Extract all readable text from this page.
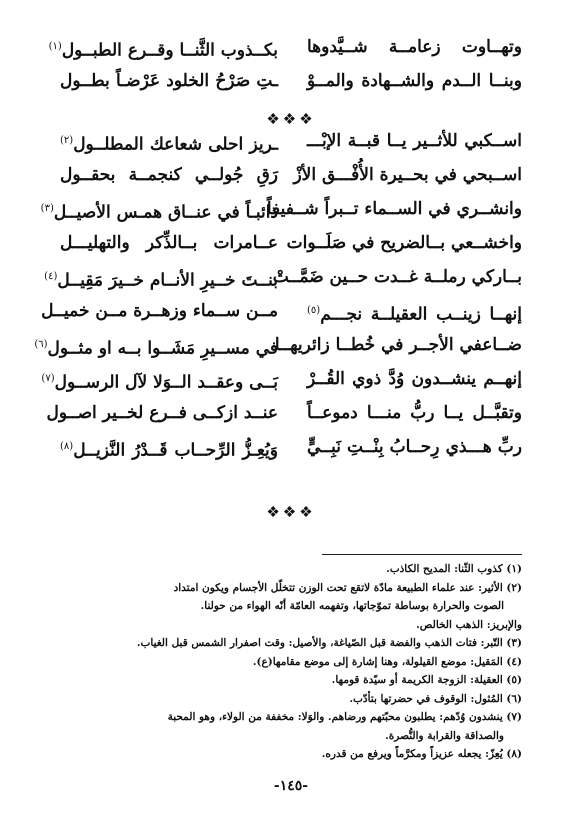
وتهــاوت زعامــة شــيَّدوها
بكــذوب الثَّنــا وقــرع الطبــول$^{(١)}$
وبنــا الــدم والشــهادة والمــوْ
ـتِ صَرْحُ الخلود عَرْضـاً بطــول
❖❖❖
اســكبي للأثــير يــا قبــة الإبْـــ
ـريز احلى شعاعك المطلــول$^{(٢)}$
اســبحي في بحــيرة الأُفْـــق الأزْ
رَقِ جُولــي كنجمــة بحقــول
وانشــري في الســماء تــبراً شــفيفاً
ذائبـاً في عنــاق همـس الأصيــل$^{(٣)}$
واخشــعي بــالضريح في صَلَــوات
عــامرات بــالذِّكر والتهليـــل
بــاركي رملــة غــدت حــين ضَمَّــتْ
بنــتَ خــيرِ الأنــام خــيرَ مَقِيــل$^{(٤)}$
إنهــا زينــب العقيلــة نجـــم$^{(٥)}$
مــن ســماء وزهــرة مــن خميــل
ضــاعفي الأجــر في خُطــا زائريهــا
في مســيرِ مَشَــوا بــه او مثــول$^{(٦)}$
إنهــم ينشــدون وُدَّ ذوي القُــرْ
بَــى وعقــد الــوَلا لآل الرســول$^{(٧)}$
وتقبَّــل يــا ربُّ منـــا دموعــاً
عنــد ازكــى فــرع لخــير اصــول
ربِّ هـــذي رِحــابُ بِنْــتِ نَبِــيٍّ
وَيُعِـزُّ الرِّحــاب قَــدْرُ النَّزيــل$^{(٨)}$
❖❖❖

(١) كذوب الثّنا: المديح الكاذب.

(٢) الأثير: عند علماء الطبيعة مادّة لاتقع تحت الوزن تتخلّل الأجسام ويكون امتداد

الصوت والحرارة بوساطة تموّجاتها، وتفهمه العامّة أنّه الهواء من حولنا.

والإبريز: الذهب الخالص.

(٣) التّبر: فتات الذهب والفضة قبل الصّياغة، والأصيل: وقت اصفرار الشمس قبل الغياب.

(٤) المَقيل: موضع القيلولة، وهنا إشارة إلى موضع مقامها(ع).

(٥) العقيلة: الزوجة الكريمة أو سيّدة قومها.

(٦) المُثول: الوقوف في حضرتها بتأدّب.

(٧) ينشدون وُدّهم: يطلبون محبّتهم ورضاهم. والوَلا: مخففة من الولاء، وهو المحبة

والصداقة والقرابة والنُّصرة.

(٨) يُعِزّ: يجعله عزيزاً ومكرَّماً ويرفع من قدره.

-١٤٥-
